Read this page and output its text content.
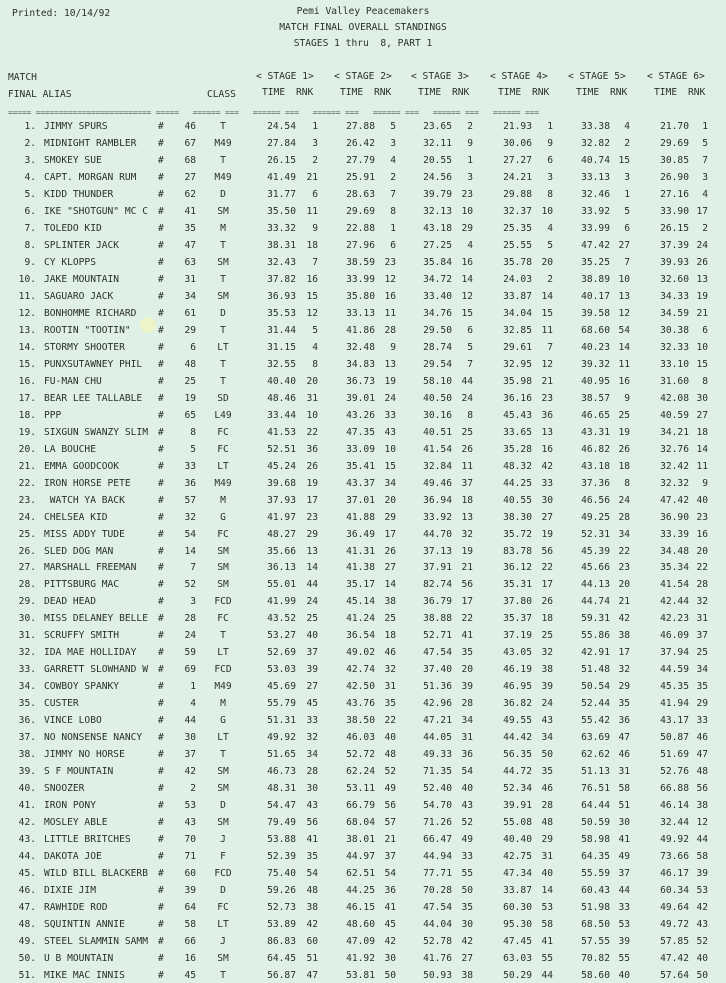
Printed: 10/14/92	Pemi Valley Peacemakers
MATCH FINAL OVERALL STANDINGS
STAGES 1 thru  8, PART 1
MATCH
FINAL ALIAS	CLASS
< STAGE 1> < STAGE 2> < STAGE 3> < STAGE 4> < STAGE 5> < STAGE 6>
TIME RNK	TIME RNK	TIME RNK	TIME RNK	TIME RNK	TIME RNK
===== ========================= =====   ====== ===   ====== ===   ====== ===   ====== ===   ====== ===   ====== ===
1. JIMMY SPURS	#	46	T	24.54	1	27.88	5	23.65	2	21.93	1	33.38	4	21.70	1
2. MIDNIGHT RAMBLER #	67	M49	27.84	3	26.42	3	32.11	9	30.06	9	32.82	2	29.69	5
3. SMOKEY SUE	#	68	T	26.15	2	27.79	4	20.55	1	27.27	6	40.74 15	30.85	7
4. CAPT. MORGAN RUM #	27	M49	41.49	21	25.91	2	24.56	3	24.21	3	33.13	3	26.90	3
5. KIDD THUNDER	#	62	D	31.77	6	28.63	7	39.79 23	29.88	8	32.46	1	27.16	4
6. IKE "SHOTGUN" MC C #	41	SM	35.50	11	29.69	8	32.13 10	32.37 10	33.92	5	33.90 17
7. TOLEDO KID	#	35	M	33.32	9	22.88	1	43.18 29	25.35	4	33.99	6	26.15	2
8. SPLINTER JACK	#	47	T	38.31	18	27.96	6	27.25	4	25.55	5	47.42 27	37.39 24
9. CY KLOPPS	#	63	SM	32.43	7	38.59 23	35.84 16	35.78 20	35.25	7	39.93 26
10. JAKE MOUNTAIN	#	31	T	37.82	16	33.99 12	34.72 14	24.03	2	38.89 10	32.60 13
11. SAGUARO JACK	#	34	SM	36.93	15	35.80 16	33.40 12	33.87 14	40.17 13	34.33 19
12. BONHOMME RICHARD #	61	D	35.53	12	33.13 11	34.76 15	34.04 15	39.58 12	34.59 21
13. ROOTIN "TOOTIN"	#	29	T	31.44	5	41.86 28	29.50	6	32.85 11	68.60 54	30.38	6
14. STORMY SHOOTER	#	6	LT	31.15	4	32.48	9	28.74	5	29.61	7	40.23 14	32.33 10
15. PUNXSUTAWNEY PHIL #	48	T	32.55	8	34.83 13	29.54	7	32.95 12	39.32 11	33.10 15
16. FU-MAN CHU	#	25	T	40.40	20	36.73 19	58.10 44	35.98 21	40.95 16	31.60	8
17. BEAR LEE TALLABLE #	19	SD	48.46	31	39.01 24	40.50 24	36.16 23	38.57	9	42.08 30
18. PPP	#	65	L49	33.44	10	43.26 33	30.16	8	45.43 36	46.65 25	40.59 27
19. SIXGUN SWANZY SLIM #	8	FC	41.53	22	47.35 43	40.51 25	33.65 13	43.31 19	34.21 18
20. LA BOUCHE	#	5	FC	52.51	36	33.09 10	41.54 26	35.28 16	46.82 26	32.76 14
21. EMMA GOODCOOK	#	33	LT	45.24	26	35.41 15	32.84 11	48.32 42	43.18 18	32.42 11
22. IRON HORSE PETE	#	36	M49	39.68	19	43.37 34	49.46 37	44.25 33	37.36	8	32.32	9
23. WATCH YA BACK	#	57	M	37.93	17	37.01 20	36.94 18	40.55 30	46.56 24	47.42 40
24. CHELSEA KID	#	32	G	41.97	23	41.88 29	33.92 13	38.30 27	49.25 28	36.90 23
25. MISS ADDY TUDE	#	54	FC	48.27	29	36.49 17	44.70 32	35.72 19	52.31 34	33.39 16
26. SLED DOG MAN	#	14	SM	35.66	13	41.31 26	37.13 19	83.78 56	45.39 22	34.48 20
27. MARSHALL FREEMAN #	7	SM	36.13	14	41.38 27	37.91 21	36.12 22	45.66 23	35.34 22
28. PITTSBURG MAC	#	52	SM	55.01	44	35.17 14	82.74 56	35.31 17	44.13 20	41.54 28
29. DEAD HEAD	#	3	FCD	41.99	24	45.14 38	36.79 17	37.80 26	44.74 21	42.44 32
30. MISS DELANEY BELLE #	28	FC	43.52	25	41.24 25	38.88 22	35.37 18	59.31 42	42.23 31
31. SCRUFFY SMITH	#	24	T	53.27	40	36.54 18	52.71 41	37.19 25	55.86 38	46.09 37
32. IDA MAE HOLLIDAY #	59	LT	52.69	37	49.02 46	47.54 35	43.05 32	42.91 17	37.94 25
33. GARRETT SLOWHAND W #	69	FCD	53.03	39	42.74 32	37.40 20	46.19 38	51.48 32	44.59 34
34. COWBOY SPANKY	#	1	M49	45.69	27	42.50 31	51.36 39	46.95 39	50.54 29	45.35 35
35. CUSTER	#	4	M	55.79	45	43.76 35	42.96 28	36.82 24	52.44 35	41.94 29
36. VINCE LOBO	#	44	G	51.31	33	38.50 22	47.21 34	49.55 43	55.42 36	43.17 33
37. NO NONSENSE NANCY #	30	LT	49.92	32	46.03 40	44.05 31	44.42 34	63.69 47	50.87 46
38. JIMMY NO HORSE	#	37	T	51.65	34	52.72 48	49.33 36	56.35 50	62.62 46	51.69 47
39. S F MOUNTAIN	#	42	SM	46.73	28	62.24 52	71.35 54	44.72 35	51.13 31	52.76 48
40. SNOOZER	#	2	SM	48.31	30	53.11 49	52.40 40	52.34 46	76.51 58	66.88 56
41. IRON PONY	#	53	D	54.47	43	66.79 56	54.70 43	39.91 28	64.44 51	46.14 38
42. MOSLEY ABLE	#	43	SM	79.49	56	68.04 57	71.26 52	55.08 48	50.59 30	32.44 12
43. LITTLE BRITCHES	#	70	J	53.88	41	38.01 21	66.47 49	40.40 29	58.98 41	49.92 44
44. DAKOTA JOE	#	71	F	52.39	35	44.97 37	44.94 33	42.75 31	64.35 49	73.66 58
45. WILD BILL BLACKERB #	60	FCD	75.40	54	62.51 54	77.71 55	47.34 40	55.59 37	46.17 39
46. DIXIE JIM	#	39	D	59.26	48	44.25 36	70.28 50	33.87 14	60.43 44	60.34 53
47. RAWHIDE ROD	#	64	FC	52.73	38	46.15 41	47.54 35	60.30 53	51.98 33	49.64 42
48. SQUINTIN ANNIE	#	58	LT	53.89	42	48.60 45	44.04 30	95.30 58	68.50 53	49.72 43
49. STEEL SLAMMIN SAMM #	66	J	86.83	60	47.09 42	52.78 42	47.45 41	57.55 39	57.85 52
50. U B MOUNTAIN	#	16	SM	64.45	51	41.92 30	41.76 27	63.03 55	70.82 55	47.42 40
51. MIKE MAC INNIS	#	45	T	56.87	47	53.81 50	50.93 38	50.29 44	58.60 40	57.64 50
